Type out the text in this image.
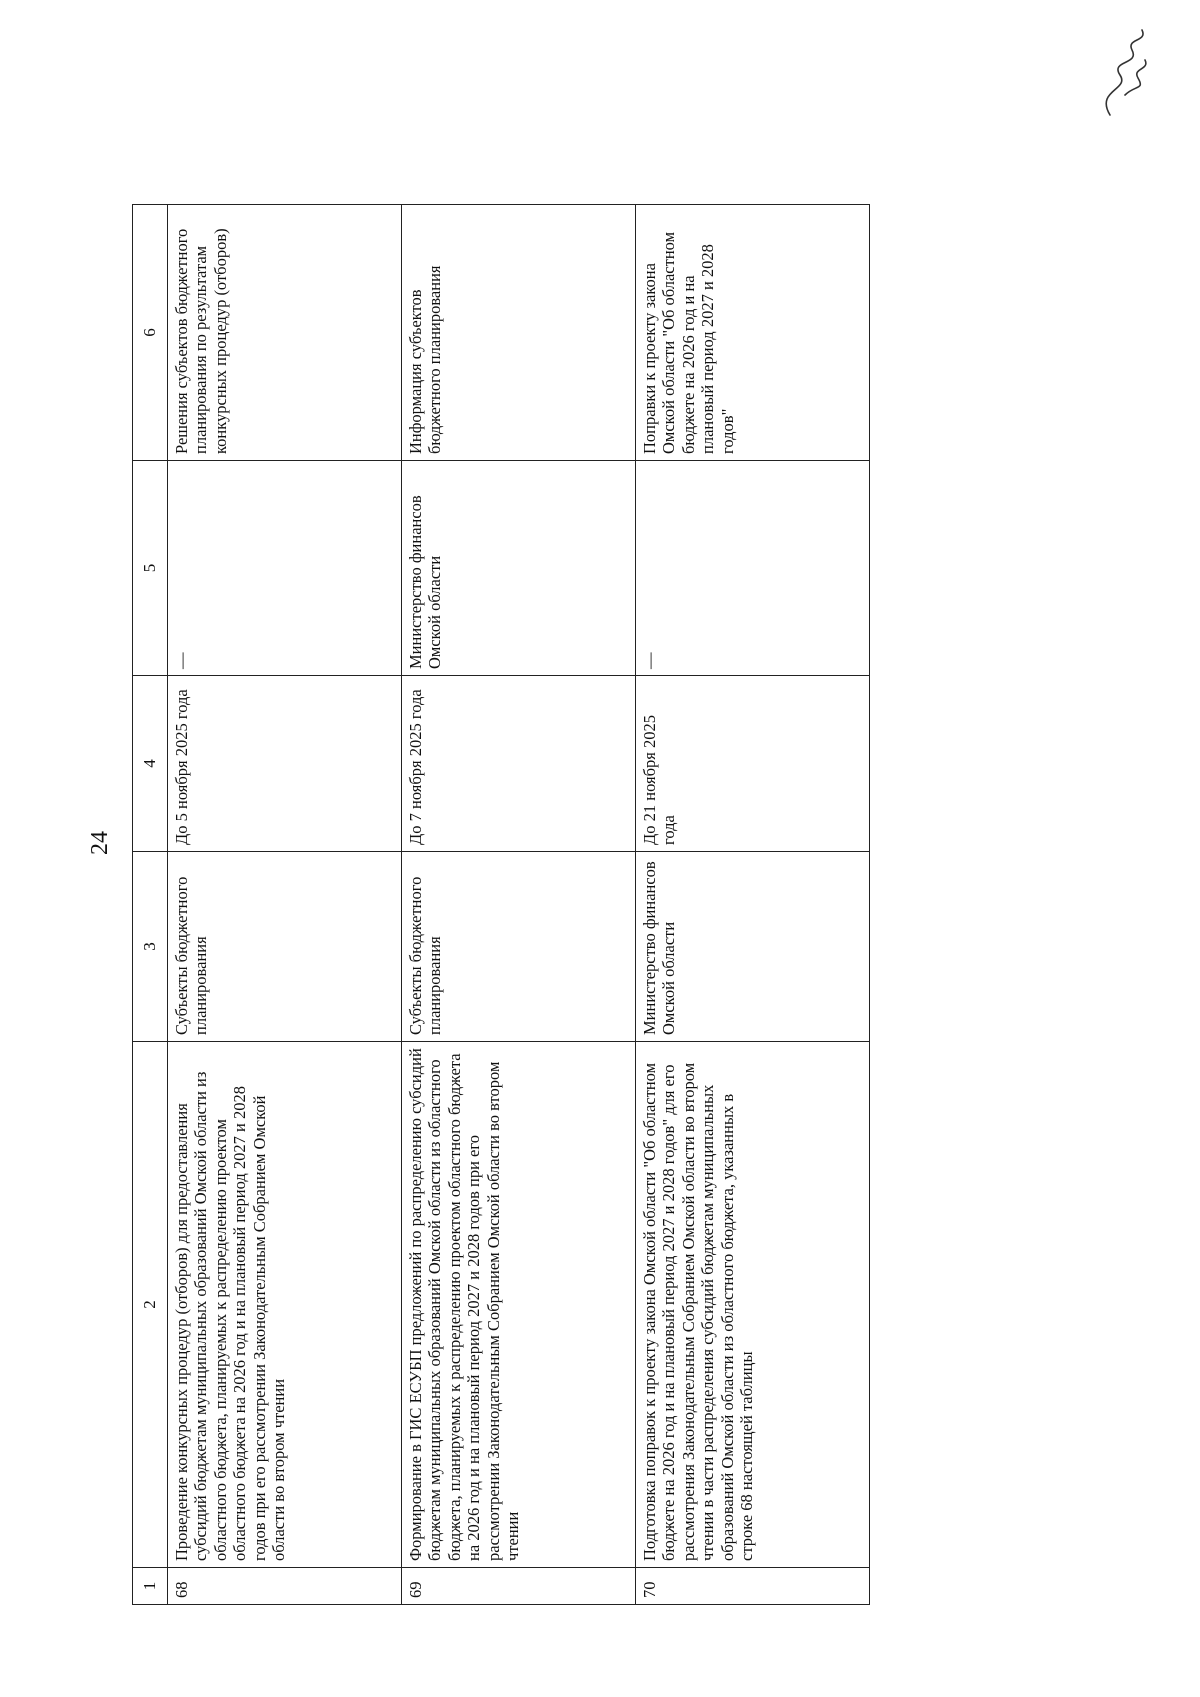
24
1	2	3	4	5	6
68	Проведение конкурсных процедур (отборов) для предоставления субсидий бюджетам муниципальных образований Омской области из областного бюджета, планируемых к распределению проектом областного бюджета на 2026 год и на плановый период 2027 и 2028 годов при его рассмотрении Законодательным Собранием Омской области во втором чтении	Субъекты бюджетного планирования	До 5 ноября 2025 года	—	Решения субъектов бюджетного планирования по результатам конкурсных процедур (отборов)
69	Формирование в ГИС ЕСУБП предложений по распределению субсидий бюджетам муниципальных образований Омской области из областного бюджета, планируемых к распределению проектом областного бюджета на 2026 год и на плановый период 2027 и 2028 годов при его рассмотрении Законодательным Собранием Омской области во втором чтении	Субъекты бюджетного планирования	До 7 ноября 2025 года	Министерство финансов Омской области	Информация субъектов бюджетного планирования
70	Подготовка поправок к проекту закона Омской области "Об областном бюджете на 2026 год и на плановый период 2027 и 2028 годов" для его рассмотрения Законодательным Собранием Омской области во втором чтении в части распределения субсидий бюджетам муниципальных образований Омской области из областного бюджета, указанных в строке 68 настоящей таблицы	Министерство финансов Омской области	До 21 ноября 2025 года	—	Поправки к проекту закона Омской области "Об областном бюджете на 2026 год и на плановый период 2027 и 2028 годов"
